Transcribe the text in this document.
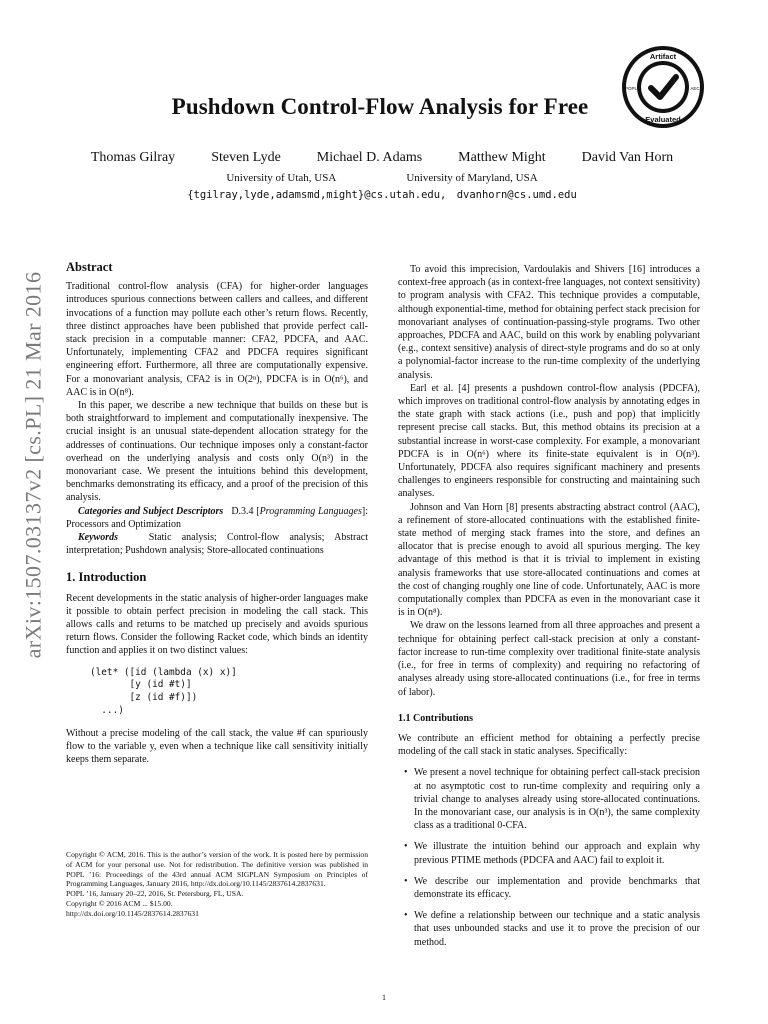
arXiv:1507.03137v2 [cs.PL] 21 Mar 2016
Artifact
Evaluated
POPL	AEC
Pushdown Control-Flow Analysis for Free
Thomas Gilray	Steven Lyde	Michael D. Adams	Matthew Might	David Van Horn
University of Utah, USA	University of Maryland, USA
{tgilray,lyde,adamsmd,might}@cs.utah.edu, dvanhorn@cs.umd.edu
Abstract

Traditional control-flow analysis (CFA) for higher-order languages introduces spurious connections between callers and callees, and different invocations of a function may pollute each other’s return flows. Recently, three distinct approaches have been published that provide perfect call-stack precision in a computable manner: CFA2, PDCFA, and AAC. Unfortunately, implementing CFA2 and PDCFA requires significant engineering effort. Furthermore, all three are computationally expensive. For a monovariant analysis, CFA2 is in O(2ⁿ), PDCFA is in O(n⁶), and AAC is in O(n⁸).

In this paper, we describe a new technique that builds on these but is both straightforward to implement and computationally inexpensive. The crucial insight is an unusual state-dependent allocation strategy for the addresses of continuations. Our technique imposes only a constant-factor overhead on the underlying analysis and costs only O(n³) in the monovariant case. We present the intuitions behind this development, benchmarks demonstrating its efficacy, and a proof of the precision of this analysis.

Categories and Subject Descriptors D.3.4 [Programming Languages]: Processors and Optimization

Keywords	Static analysis; Control-flow analysis; Abstract interpretation; Pushdown analysis; Store-allocated continuations

1. Introduction

Recent developments in the static analysis of higher-order languages make it possible to obtain perfect precision in modeling the call stack. This allows calls and returns to be matched up precisely and avoids spurious return flows. Consider the following Racket code, which binds an identity function and applies it on two distinct values:

(let* ([id (lambda (x) x)]
[y (id #t)]
[z (id #f)])
...)

Without a precise modeling of the call stack, the value #f can spuriously flow to the variable y, even when a technique like call sensitivity initially keeps them separate.

Copyright © ACM, 2016. This is the author’s version of the work. It is posted here by permission of ACM for your personal use. Not for redistribution. The definitive version was published in POPL ’16: Proceedings of the 43rd annual ACM SIGPLAN Symposium on Principles of Programming Languages, January 2016, http://dx.doi.org/10.1145/2837614.2837631.
POPL ’16, January 20–22, 2016, St. Petersburg, FL, USA.
Copyright © 2016 ACM ... $15.00.
http://dx.doi.org/10.1145/2837614.2837631

To avoid this imprecision, Vardoulakis and Shivers [16] introduces a context-free approach (as in context-free languages, not context sensitivity) to program analysis with CFA2. This technique provides a computable, although exponential-time, method for obtaining perfect stack precision for monovariant analyses of continuation-passing-style programs. Two other approaches, PDCFA and AAC, build on this work by enabling polyvariant (e.g., context sensitive) analysis of direct-style programs and do so at only a polynomial-factor increase to the run-time complexity of the underlying analysis.

Earl et al. [4] presents a pushdown control-flow analysis (PDCFA), which improves on traditional control-flow analysis by annotating edges in the state graph with stack actions (i.e., push and pop) that implicitly represent precise call stacks. But, this method obtains its precision at a substantial increase in worst-case complexity. For example, a monovariant PDCFA is in O(n⁶) where its finite-state equivalent is in O(n³). Unfortunately, PDCFA also requires significant machinery and presents challenges to engineers responsible for constructing and maintaining such analyses.

Johnson and Van Horn [8] presents abstracting abstract control (AAC), a refinement of store-allocated continuations with the established finite-state method of merging stack frames into the store, and defines an allocator that is precise enough to avoid all spurious merging. The key advantage of this method is that it is trivial to implement in existing analysis frameworks that use store-allocated continuations and comes at the cost of changing roughly one line of code. Unfortunately, AAC is more computationally complex than PDCFA as even in the monovariant case it is in O(n⁸).

We draw on the lessons learned from all three approaches and present a technique for obtaining perfect call-stack precision at only a constant-factor increase to run-time complexity over traditional finite-state analysis (i.e., for free in terms of complexity) and requiring no refactoring of analyses already using store-allocated continuations (i.e., for free in terms of labor).

1.1 Contributions

We contribute an efficient method for obtaining a perfectly precise modeling of the call stack in static analyses. Specifically:

• We present a novel technique for obtaining perfect call-stack precision at no asymptotic cost to run-time complexity and requiring only a trivial change to analyses already using store-allocated continuations. In the monovariant case, our analysis is in O(n³), the same complexity class as a traditional 0-CFA.
• We illustrate the intuition behind our approach and explain why previous PTIME methods (PDCFA and AAC) fail to exploit it.
• We describe our implementation and provide benchmarks that demonstrate its efficacy.
• We define a relationship between our technique and a static analysis that uses unbounded stacks and use it to prove the precision of our method.
1
